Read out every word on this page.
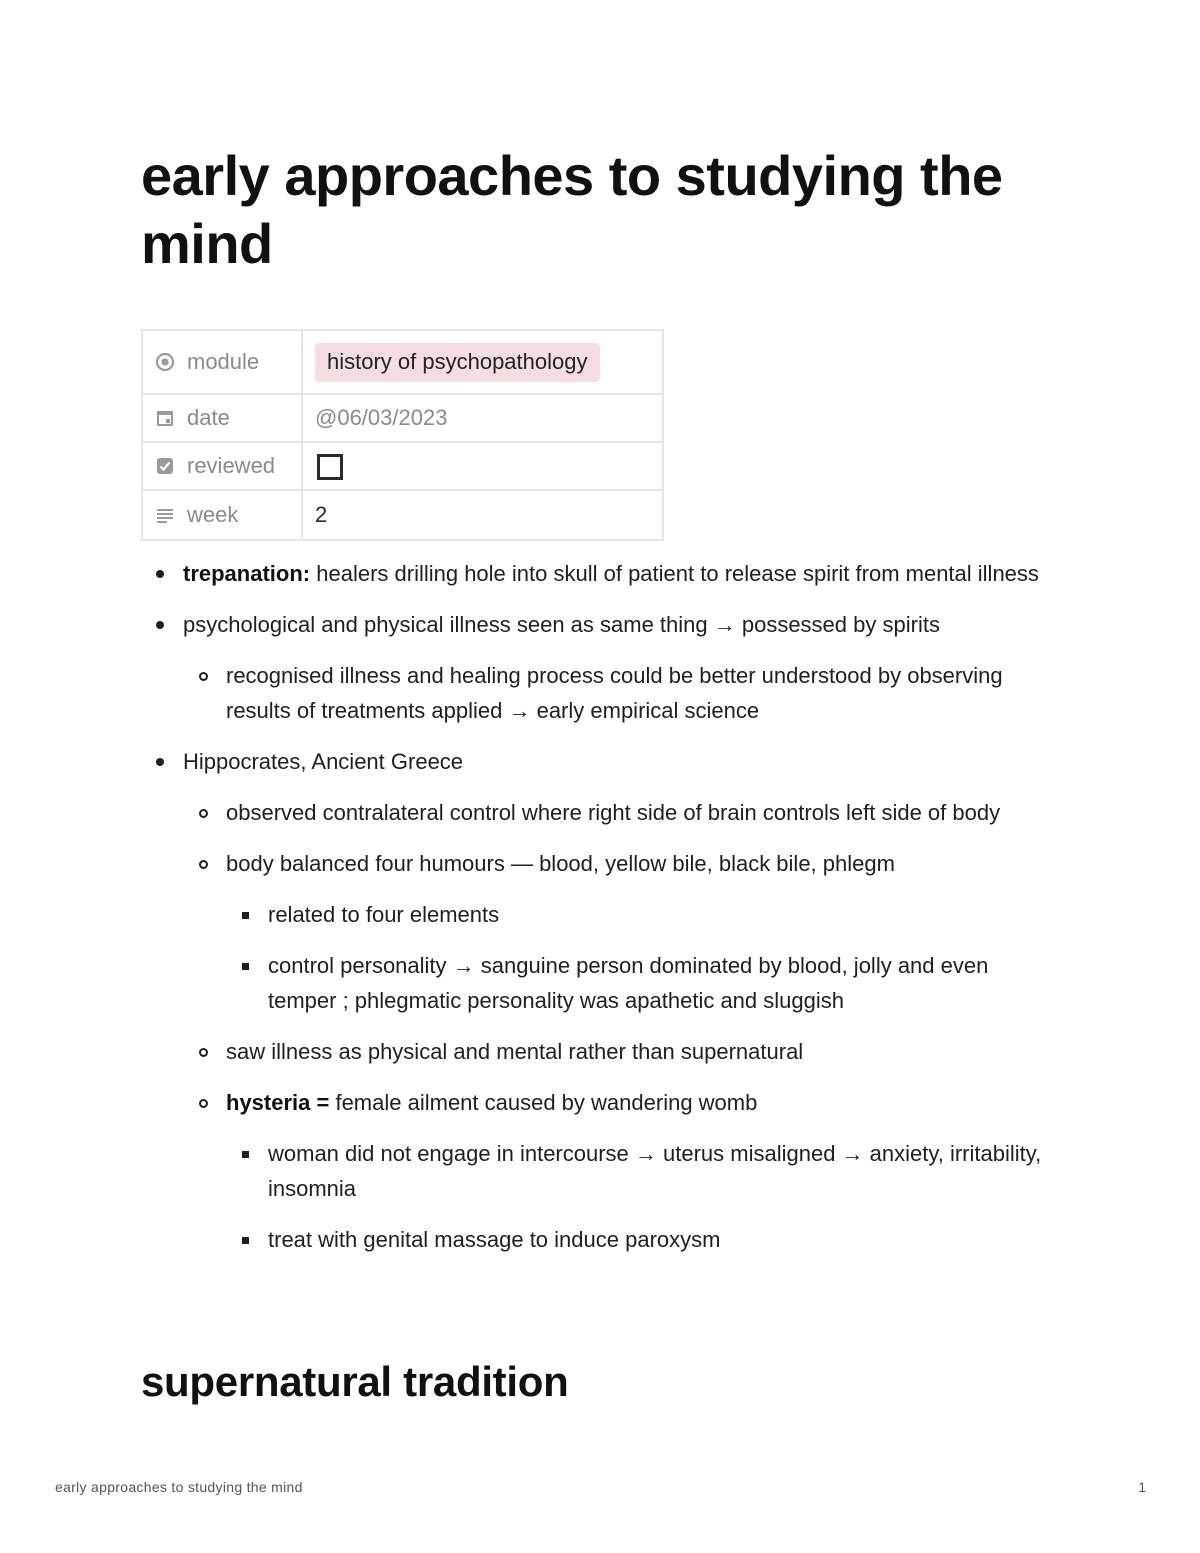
early approaches to studying the mind
module	history of psychopathology

date	@06/03/2023

reviewed	

week	2
trepanation: healers drilling hole into skull of patient to release spirit from mental illness
psychological and physical illness seen as same thing → possessed by spirits
recognised illness and healing process could be better understood by observing results of treatments applied → early empirical science
Hippocrates, Ancient Greece
observed contralateral control where right side of brain controls left side of body
body balanced four humours — blood, yellow bile, black bile, phlegm
related to four elements
control personality → sanguine person dominated by blood, jolly and even temper ; phlegmatic personality was apathetic and sluggish
saw illness as physical and mental rather than supernatural
hysteria = female ailment caused by wandering womb
woman did not engage in intercourse → uterus misaligned → anxiety, irritability, insomnia
treat with genital massage to induce paroxysm
supernatural tradition
early approaches to studying the mind	1
